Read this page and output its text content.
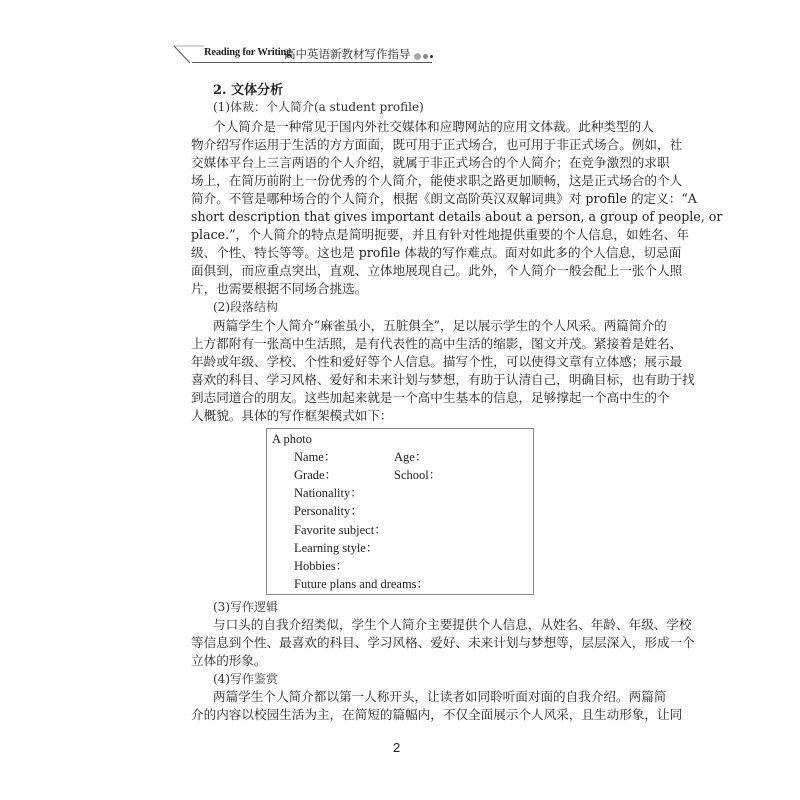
Reading for Writing
高中英语新教材写作指导
2. 文体分析
(1)体裁：个人简介(a student profile)
个人简介是一种常见于国内外社交媒体和应聘网站的应用文体裁。此种类型的人
物介绍写作运用于生活的方方面面，既可用于正式场合，也可用于非正式场合。例如，社
交媒体平台上三言两语的个人介绍，就属于非正式场合的个人简介；在竞争激烈的求职
场上，在简历前附上一份优秀的个人简介，能使求职之路更加顺畅，这是正式场合的个人
简介。不管是哪种场合的个人简介，根据《朗文高阶英汉双解词典》对 profile 的定义：“A
short description that gives important details about a person, a group of people, or
place.”，个人简介的特点是简明扼要，并且有针对性地提供重要的个人信息，如姓名、年
级、个性、特长等等。这也是 profile 体裁的写作难点。面对如此多的个人信息，切忌面
面俱到，而应重点突出，直观、立体地展现自己。此外，个人简介一般会配上一张个人照
片，也需要根据不同场合挑选。
(2)段落结构
两篇学生个人简介“麻雀虽小，五脏俱全”，足以展示学生的个人风采。两篇简介的
上方都附有一张高中生活照，是有代表性的高中生活的缩影，图文并茂。紧接着是姓名、
年龄或年级、学校、个性和爱好等个人信息。描写个性，可以使得文章有立体感；展示最
喜欢的科目、学习风格、爱好和未来计划与梦想，有助于认清自己，明确目标，也有助于找
到志同道合的朋友。这些加起来就是一个高中生基本的信息，足够撑起一个高中生的个
人概貌。具体的写作框架模式如下：
A photo
Name：	Age：
Grade：	School：
Nationality：
Personality：
Favorite subject：
Learning style：
Hobbies：
Future plans and dreams：
(3)写作逻辑
与口头的自我介绍类似，学生个人简介主要提供个人信息，从姓名、年龄、年级、学校
等信息到个性、最喜欢的科目、学习风格、爱好、未来计划与梦想等，层层深入，形成一个
立体的形象。
(4)写作鉴赏
两篇学生个人简介都以第一人称开头，让读者如同聆听面对面的自我介绍。两篇简
介的内容以校园生活为主，在简短的篇幅内，不仅全面展示个人风采，且生动形象，让同
2
